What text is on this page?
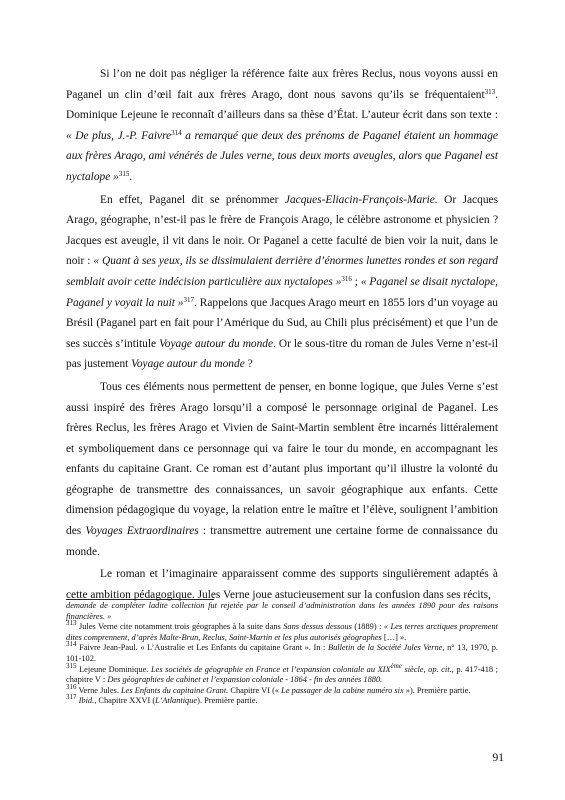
Si l’on ne doit pas négliger la référence faite aux frères Reclus, nous voyons aussi en Paganel un clin d’œil fait aux frères Arago, dont nous savons qu’ils se fréquentaient$^{313}$. Dominique Lejeune le reconnaît d’ailleurs dans sa thèse d’État. L’auteur écrit dans son texte : « De plus, J.-P. Faivre$^{314}$ a remarqué que deux des prénoms de Paganel étaient un hommage aux frères Arago, ami vénérés de Jules verne, tous deux morts aveugles, alors que Paganel est nyctalope »$^{315}$.

En effet, Paganel dit se prénommer Jacques-Eliacin-François-Marie. Or Jacques Arago, géographe, n’est-il pas le frère de François Arago, le célèbre astronome et physicien ? Jacques est aveugle, il vit dans le noir. Or Paganel a cette faculté de bien voir la nuit, dans le noir : « Quant à ses yeux, ils se dissimulaient derrière d’énormes lunettes rondes et son regard semblait avoir cette indécision particulière aux nyctalopes »$^{316}$ ; « Paganel se disait nyctalope, Paganel y voyait la nuit »$^{317}$. Rappelons que Jacques Arago meurt en 1855 lors d’un voyage au Brésil (Paganel part en fait pour l’Amérique du Sud, au Chili plus précisément) et que l’un de ses succès s’intitule Voyage autour du monde. Or le sous-titre du roman de Jules Verne n’est-il pas justement Voyage autour du monde ?

Tous ces éléments nous permettent de penser, en bonne logique, que Jules Verne s’est aussi inspiré des frères Arago lorsqu’il a composé le personnage original de Paganel. Les frères Reclus, les frères Arago et Vivien de Saint-Martin semblent être incarnés littéralement et symboliquement dans ce personnage qui va faire le tour du monde, en accompagnant les enfants du capitaine Grant. Ce roman est d’autant plus important qu’il illustre la volonté du géographe de transmettre des connaissances, un savoir géographique aux enfants. Cette dimension pédagogique du voyage, la relation entre le maître et l’élève, soulignent l’ambition des Voyages Extraordinaires : transmettre autrement une certaine forme de connaissance du monde.

Le roman et l’imaginaire apparaissent comme des supports singulièrement adaptés à cette ambition pédagogique. Jules Verne joue astucieusement sur la confusion dans ses récits,

demande de compléter ladite collection fut rejetée par le conseil d’administration dans les années 1890 pour des raisons financières. »

$^{313}$ Jules Verne cite notamment trois géographes à la suite dans Sans dessus dessous (1889) : « Les terres arctiques proprement dites comprennent, d’après Malte-Brun, Reclus, Saint-Martin et les plus autorisés géographes […] ».

$^{314}$ Faivre Jean-Paul. « L’Australie et Les Enfants du capitaine Grant ». In : Bulletin de la Société Jules Verne, n° 13, 1970, p. 101-102.

$^{315}$ Lejeune Dominique. Les sociétés de géographie en France et l’expansion coloniale au XIXème siècle, op. cit., p. 417-418 ; chapitre V : Des géographies de cabinet et l’expansion coloniale - 1864 - fin des années 1880.

$^{316}$ Verne Jules. Les Enfants du capitaine Grant. Chapitre VI (« Le passager de la cabine numéro six »). Première partie.

$^{317}$ Ibid., Chapitre XXVI (L’Atlantique). Première partie.

91
